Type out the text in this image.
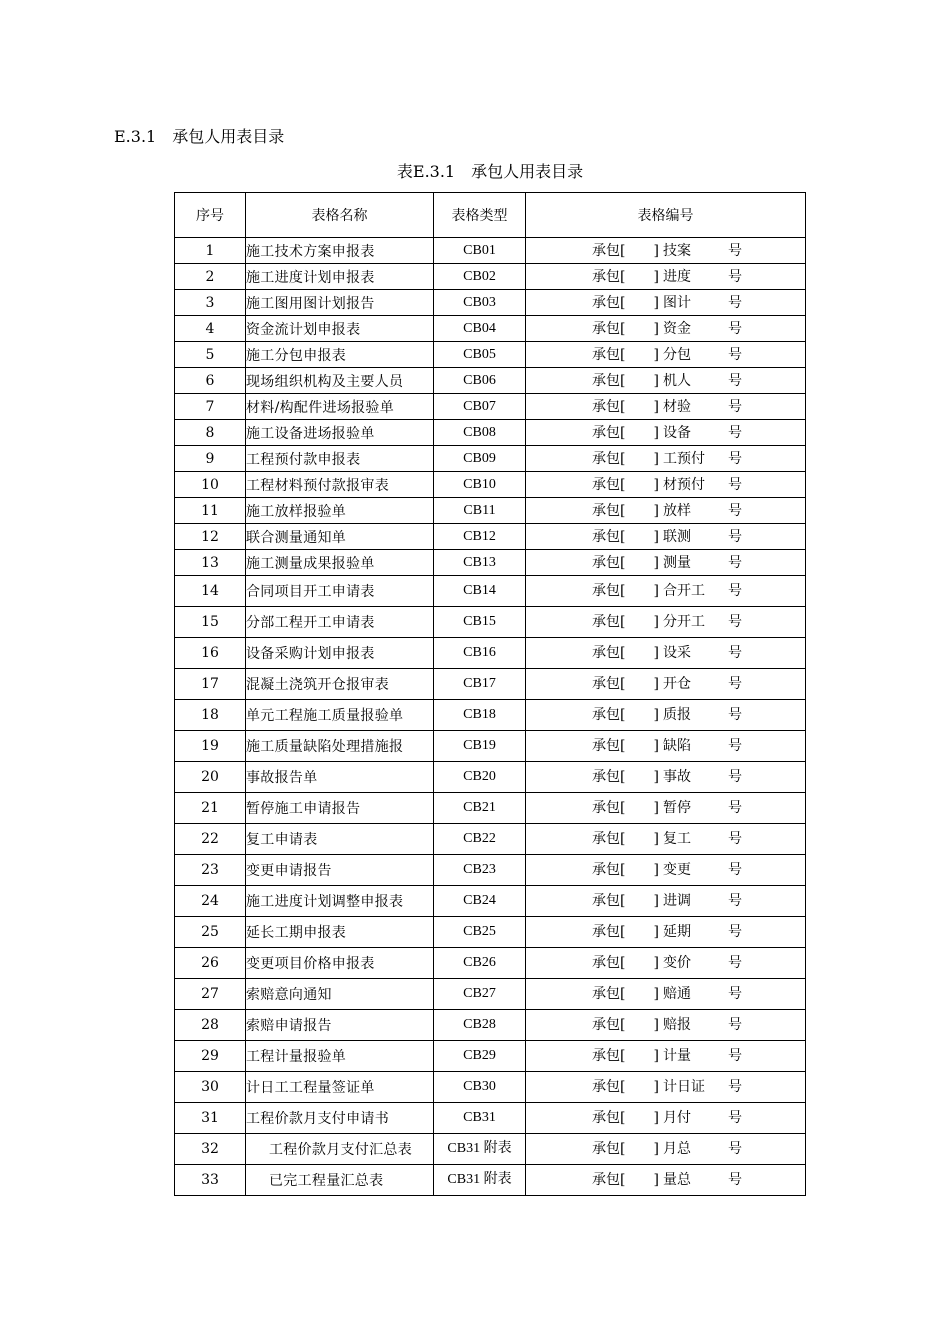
E.3.1　承包人用表目录
表E.3.1　承包人用表目录
序号	表格名称	表格类型	表格编号
1	施工技术方案申报表	CB01	承包[　　] 技案 号

2	施工进度计划申报表	CB02	承包[　　] 进度 号

3	施工图用图计划报告	CB03	承包[　　] 图计 号

4	资金流计划申报表	CB04	承包[　　] 资金 号

5	施工分包申报表	CB05	承包[　　] 分包 号

6	现场组织机构及主要人员	CB06	承包[　　] 机人 号

7	材料/构配件进场报验单	CB07	承包[　　] 材验 号

8	施工设备进场报验单	CB08	承包[　　] 设备 号

9	工程预付款申报表	CB09	承包[　　] 工预付 号

10	工程材料预付款报审表	CB10	承包[　　] 材预付 号

11	施工放样报验单	CB11	承包[　　] 放样 号

12	联合测量通知单	CB12	承包[　　] 联测 号

13	施工测量成果报验单	CB13	承包[　　] 测量 号

14	合同项目开工申请表	CB14	承包[　　] 合开工 号

15	分部工程开工申请表	CB15	承包[　　] 分开工 号

16	设备采购计划申报表	CB16	承包[　　] 设采 号

17	混凝土浇筑开仓报审表	CB17	承包[　　] 开仓 号

18	单元工程施工质量报验单	CB18	承包[　　] 质报 号

19	施工质量缺陷处理措施报	CB19	承包[　　] 缺陷 号

20	事故报告单	CB20	承包[　　] 事故 号

21	暂停施工申请报告	CB21	承包[　　] 暂停 号

22	复工申请表	CB22	承包[　　] 复工 号

23	变更申请报告	CB23	承包[　　] 变更 号

24	施工进度计划调整申报表	CB24	承包[　　] 进调 号

25	延长工期申报表	CB25	承包[　　] 延期 号

26	变更项目价格申报表	CB26	承包[　　] 变价 号

27	索赔意向通知	CB27	承包[　　] 赔通 号

28	索赔申请报告	CB28	承包[　　] 赔报 号

29	工程计量报验单	CB29	承包[　　] 计量 号

30	计日工工程量签证单	CB30	承包[　　] 计日证 号

31	工程价款月支付申请书	CB31	承包[　　] 月付 号

32	工程价款月支付汇总表	CB31 附表	承包[　　] 月总 号

33	已完工程量汇总表	CB31 附表	承包[　　] 量总 号
